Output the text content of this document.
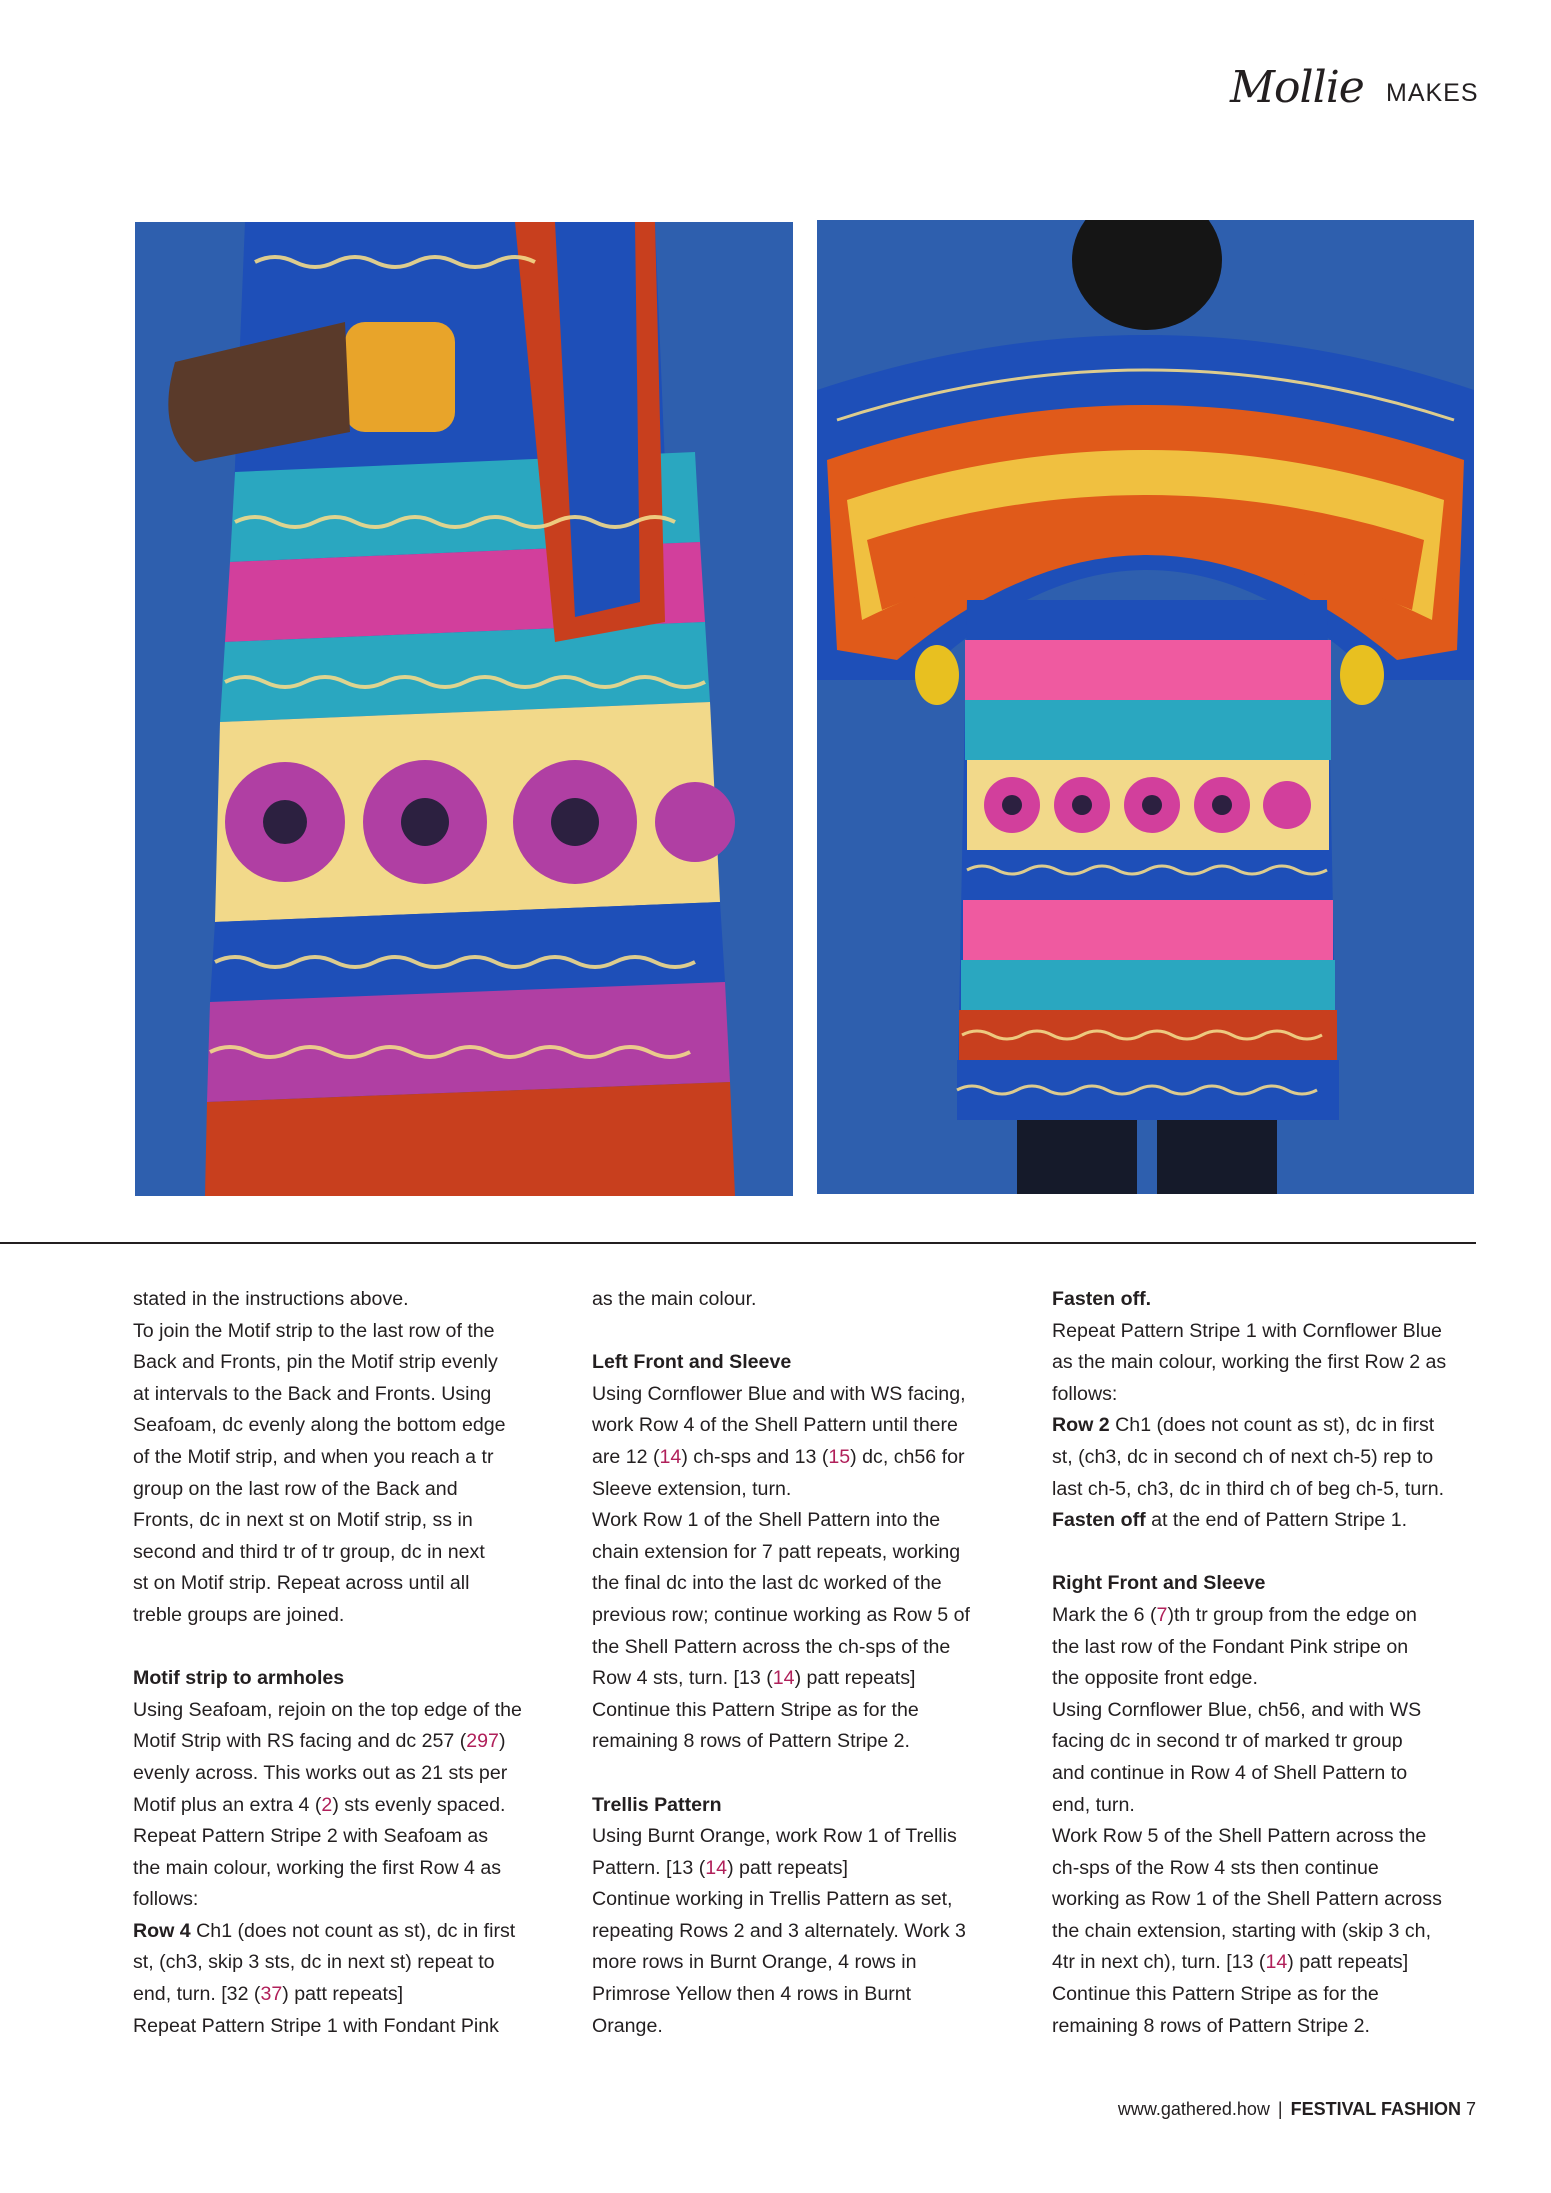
Mollie MAKES

stated in the instructions above.

To join the Motif strip to the last row of the

Back and Fronts, pin the Motif strip evenly

at intervals to the Back and Fronts. Using

Seafoam, dc evenly along the bottom edge

of the Motif strip, and when you reach a tr

group on the last row of the Back and

Fronts, dc in next st on Motif strip, ss in

second and third tr of tr group, dc in next

st on Motif strip. Repeat across until all

treble groups are joined.

Motif strip to armholes

Using Seafoam, rejoin on the top edge of the

Motif Strip with RS facing and dc 257 (297)

evenly across. This works out as 21 sts per

Motif plus an extra 4 (2) sts evenly spaced.

Repeat Pattern Stripe 2 with Seafoam as

the main colour, working the first Row 4 as

follows:

Row 4 Ch1 (does not count as st), dc in first

st, (ch3, skip 3 sts, dc in next st) repeat to

end, turn. [32 (37) patt repeats]

Repeat Pattern Stripe 1 with Fondant Pink

as the main colour.

Left Front and Sleeve

Using Cornflower Blue and with WS facing,

work Row 4 of the Shell Pattern until there

are 12 (14) ch-sps and 13 (15) dc, ch56 for

Sleeve extension, turn.

Work Row 1 of the Shell Pattern into the

chain extension for 7 patt repeats, working

the final dc into the last dc worked of the

previous row; continue working as Row 5 of

the Shell Pattern across the ch-sps of the

Row 4 sts, turn. [13 (14) patt repeats]

Continue this Pattern Stripe as for the

remaining 8 rows of Pattern Stripe 2.

Trellis Pattern

Using Burnt Orange, work Row 1 of Trellis

Pattern. [13 (14) patt repeats]

Continue working in Trellis Pattern as set,

repeating Rows 2 and 3 alternately. Work 3

more rows in Burnt Orange, 4 rows in

Primrose Yellow then 4 rows in Burnt

Orange.

Fasten off.

Repeat Pattern Stripe 1 with Cornflower Blue

as the main colour, working the first Row 2 as

follows:

Row 2 Ch1 (does not count as st), dc in first

st, (ch3, dc in second ch of next ch-5) rep to

last ch-5, ch3, dc in third ch of beg ch-5, turn.

Fasten off at the end of Pattern Stripe 1.

Right Front and Sleeve

Mark the 6 (7)th tr group from the edge on

the last row of the Fondant Pink stripe on

the opposite front edge.

Using Cornflower Blue, ch56, and with WS

facing dc in second tr of marked tr group

and continue in Row 4 of Shell Pattern to

end, turn.

Work Row 5 of the Shell Pattern across the

ch-sps of the Row 4 sts then continue

working as Row 1 of the Shell Pattern across

the chain extension, starting with (skip 3 ch,

4tr in next ch), turn. [13 (14) patt repeats]

Continue this Pattern Stripe as for the

remaining 8 rows of Pattern Stripe 2.

www.gathered.how | FESTIVAL FASHION 7
